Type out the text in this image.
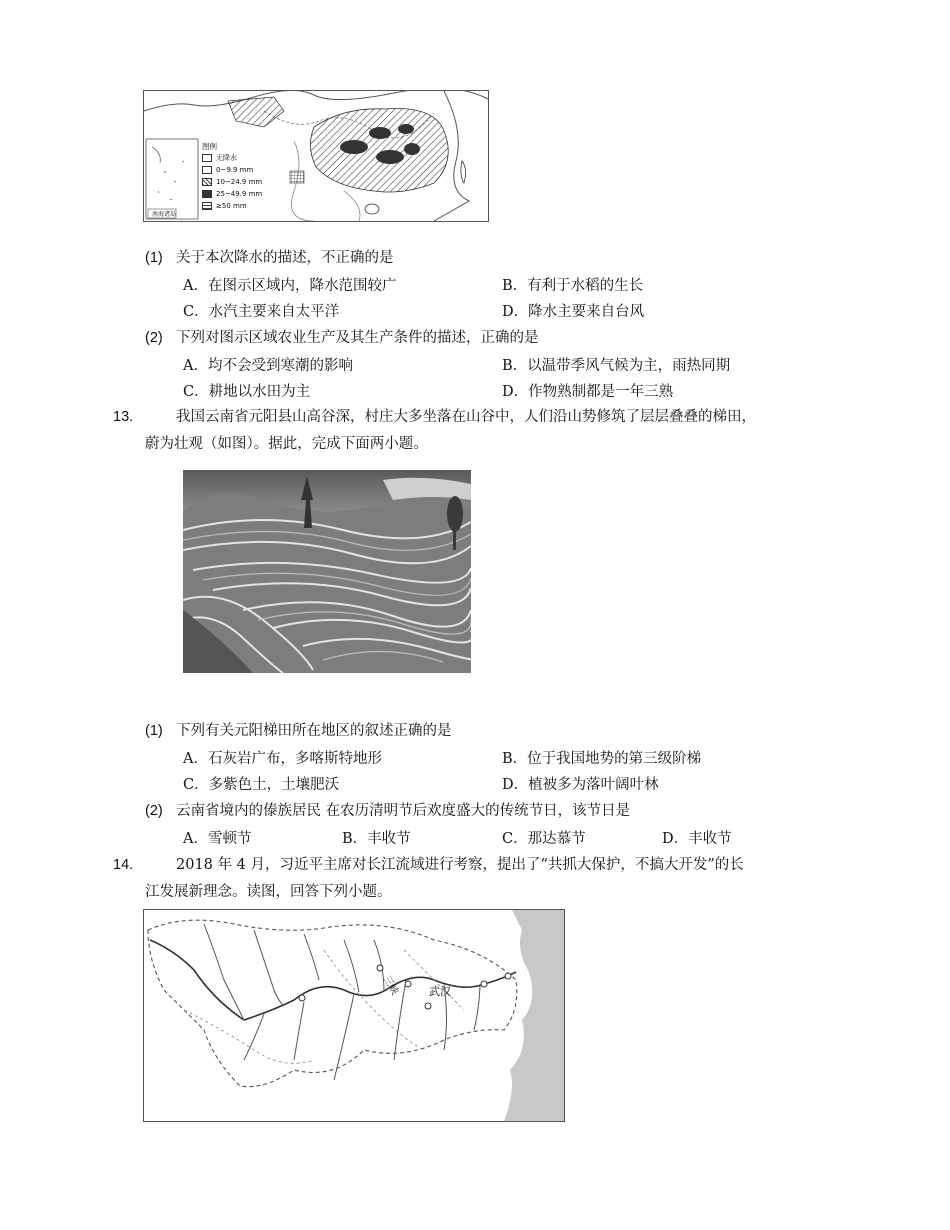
南海诸岛
图例
无降水
0~9.9 mm
10~24.9 mm
25~49.9 mm
≥50 mm
(1) 关于本次降水的描述，不正确的是
A．在图示区域内，降水范围较广	B．有利于水稻的生长
C．水汽主要来自太平洋	D．降水主要来自台风
(2) 下列对图示区域农业生产及其生产条件的描述，正确的是
A．均不会受到寒潮的影响	B．以温带季风气候为主，雨热同期
C．耕地以水田为主	D．作物熟制都是一年三熟
13.	我国云南省元阳县山高谷深，村庄大多坐落在山谷中，人们沿山势修筑了层层叠叠的梯田，
蔚为壮观（如图）。据此，完成下面两小题。
(1) 下列有关元阳梯田所在地区的叙述正确的是
A．石灰岩广布，多喀斯特地形	B．位于我国地势的第三级阶梯
C．多紫色土，土壤肥沃	D．植被多为落叶阔叶林
(2) 云南省境内的傣族居民 在农历清明节后欢度盛大的传统节日，该节日是
A．雪顿节	B．丰收节	C．那达慕节	D．丰收节
14.	2018 年 4 月，习近平主席对长江流域进行考察，提出了“共抓大保护，不搞大开发”的长
江发展新理念。读图，回答下列小题。
武汉
三峡
